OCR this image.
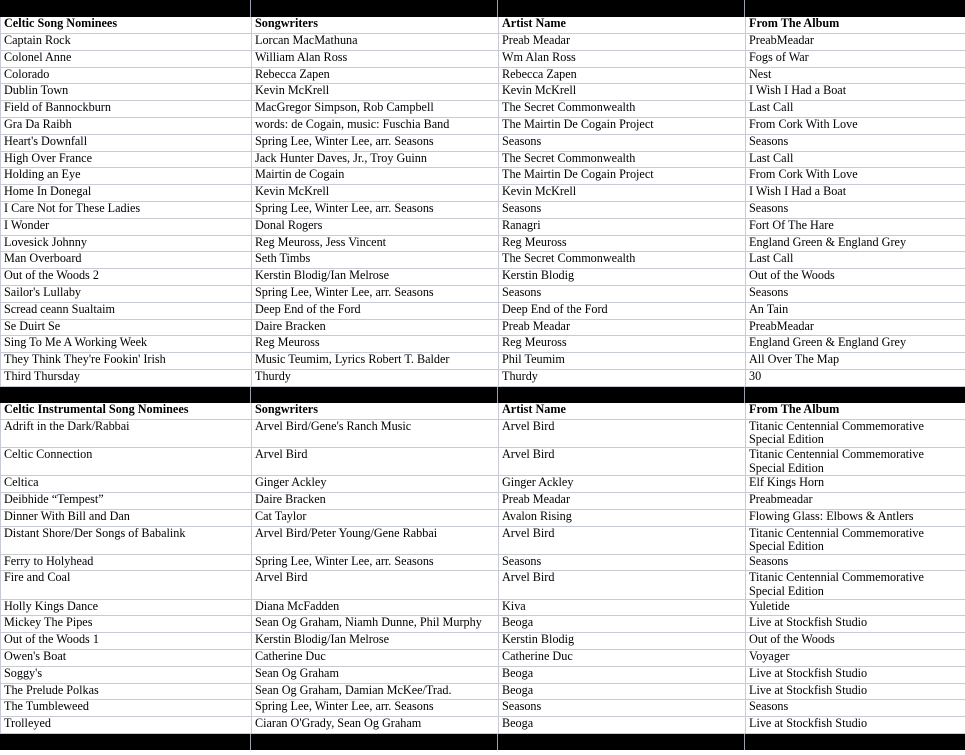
Celtic Song Nominees	Songwriters	Artist Name	From The Album
Captain Rock	Lorcan MacMathuna	Preab Meadar	PreabMeadar
Colonel Anne	William Alan Ross	Wm Alan Ross	Fogs of War
Colorado	Rebecca Zapen	Rebecca Zapen	Nest
Dublin Town	Kevin McKrell	Kevin McKrell	I Wish I Had a Boat
Field of Bannockburn	MacGregor Simpson, Rob Campbell	The Secret Commonwealth	Last Call
Gra Da Raibh	words: de Cogain, music: Fuschia Band	The Mairtin De Cogain Project	From Cork With Love
Heart's Downfall	Spring Lee, Winter Lee, arr. Seasons	Seasons	Seasons
High Over France	Jack Hunter Daves, Jr., Troy Guinn	The Secret Commonwealth	Last Call
Holding an Eye	Mairtin de Cogain	The Mairtin De Cogain Project	From Cork With Love
Home In Donegal	Kevin McKrell	Kevin McKrell	I Wish I Had a Boat
I Care Not for These Ladies	Spring Lee, Winter Lee, arr. Seasons	Seasons	Seasons
I Wonder	Donal Rogers	Ranagri	Fort Of The Hare
Lovesick Johnny	Reg Meuross, Jess Vincent	Reg Meuross	England Green & England Grey
Man Overboard	Seth Timbs	The Secret Commonwealth	Last Call
Out of the Woods 2	Kerstin Blodig/Ian Melrose	Kerstin Blodig	Out of the Woods
Sailor's Lullaby	Spring Lee, Winter Lee, arr. Seasons	Seasons	Seasons
Scread ceann Sualtaim	Deep End of the Ford	Deep End of the Ford	An Tain
Se Duirt Se	Daire Bracken	Preab Meadar	PreabMeadar
Sing To Me A Working Week	Reg Meuross	Reg Meuross	England Green & England Grey
They Think They're Fookin' Irish	Music Teumim, Lyrics Robert T. Balder	Phil Teumim	All Over The Map
Third Thursday	Thurdy	Thurdy	30
Celtic Instrumental Song Nominees	Songwriters	Artist Name	From The Album
Adrift in the Dark/Rabbai	Arvel Bird/Gene's Ranch Music	Arvel Bird	Titanic Centennial Commemorative Special Edition
Celtic Connection	Arvel Bird	Arvel Bird	Titanic Centennial Commemorative Special Edition
Celtica	Ginger Ackley	Ginger Ackley	Elf Kings Horn
Deibhide “Tempest”	Daire Bracken	Preab Meadar	Preabmeadar
Dinner With Bill and Dan	Cat Taylor	Avalon Rising	Flowing Glass: Elbows & Antlers
Distant Shore/Der Songs of Babalink	Arvel Bird/Peter Young/Gene Rabbai	Arvel Bird	Titanic Centennial Commemorative Special Edition
Ferry to Holyhead	Spring Lee, Winter Lee, arr. Seasons	Seasons	Seasons
Fire and Coal	Arvel Bird	Arvel Bird	Titanic Centennial Commemorative Special Edition
Holly Kings Dance	Diana McFadden	Kiva	Yuletide
Mickey The Pipes	Sean Og Graham, Niamh Dunne, Phil Murphy	Beoga	Live at Stockfish Studio
Out of the Woods 1	Kerstin Blodig/Ian Melrose	Kerstin Blodig	Out of the Woods
Owen's Boat	Catherine Duc	Catherine Duc	Voyager
Soggy's	Sean Og Graham	Beoga	Live at Stockfish Studio
The Prelude Polkas	Sean Og Graham, Damian McKee/Trad.	Beoga	Live at Stockfish Studio
The Tumbleweed	Spring Lee, Winter Lee, arr. Seasons	Seasons	Seasons
Trolleyed	Ciaran O'Grady, Sean Og Graham	Beoga	Live at Stockfish Studio
